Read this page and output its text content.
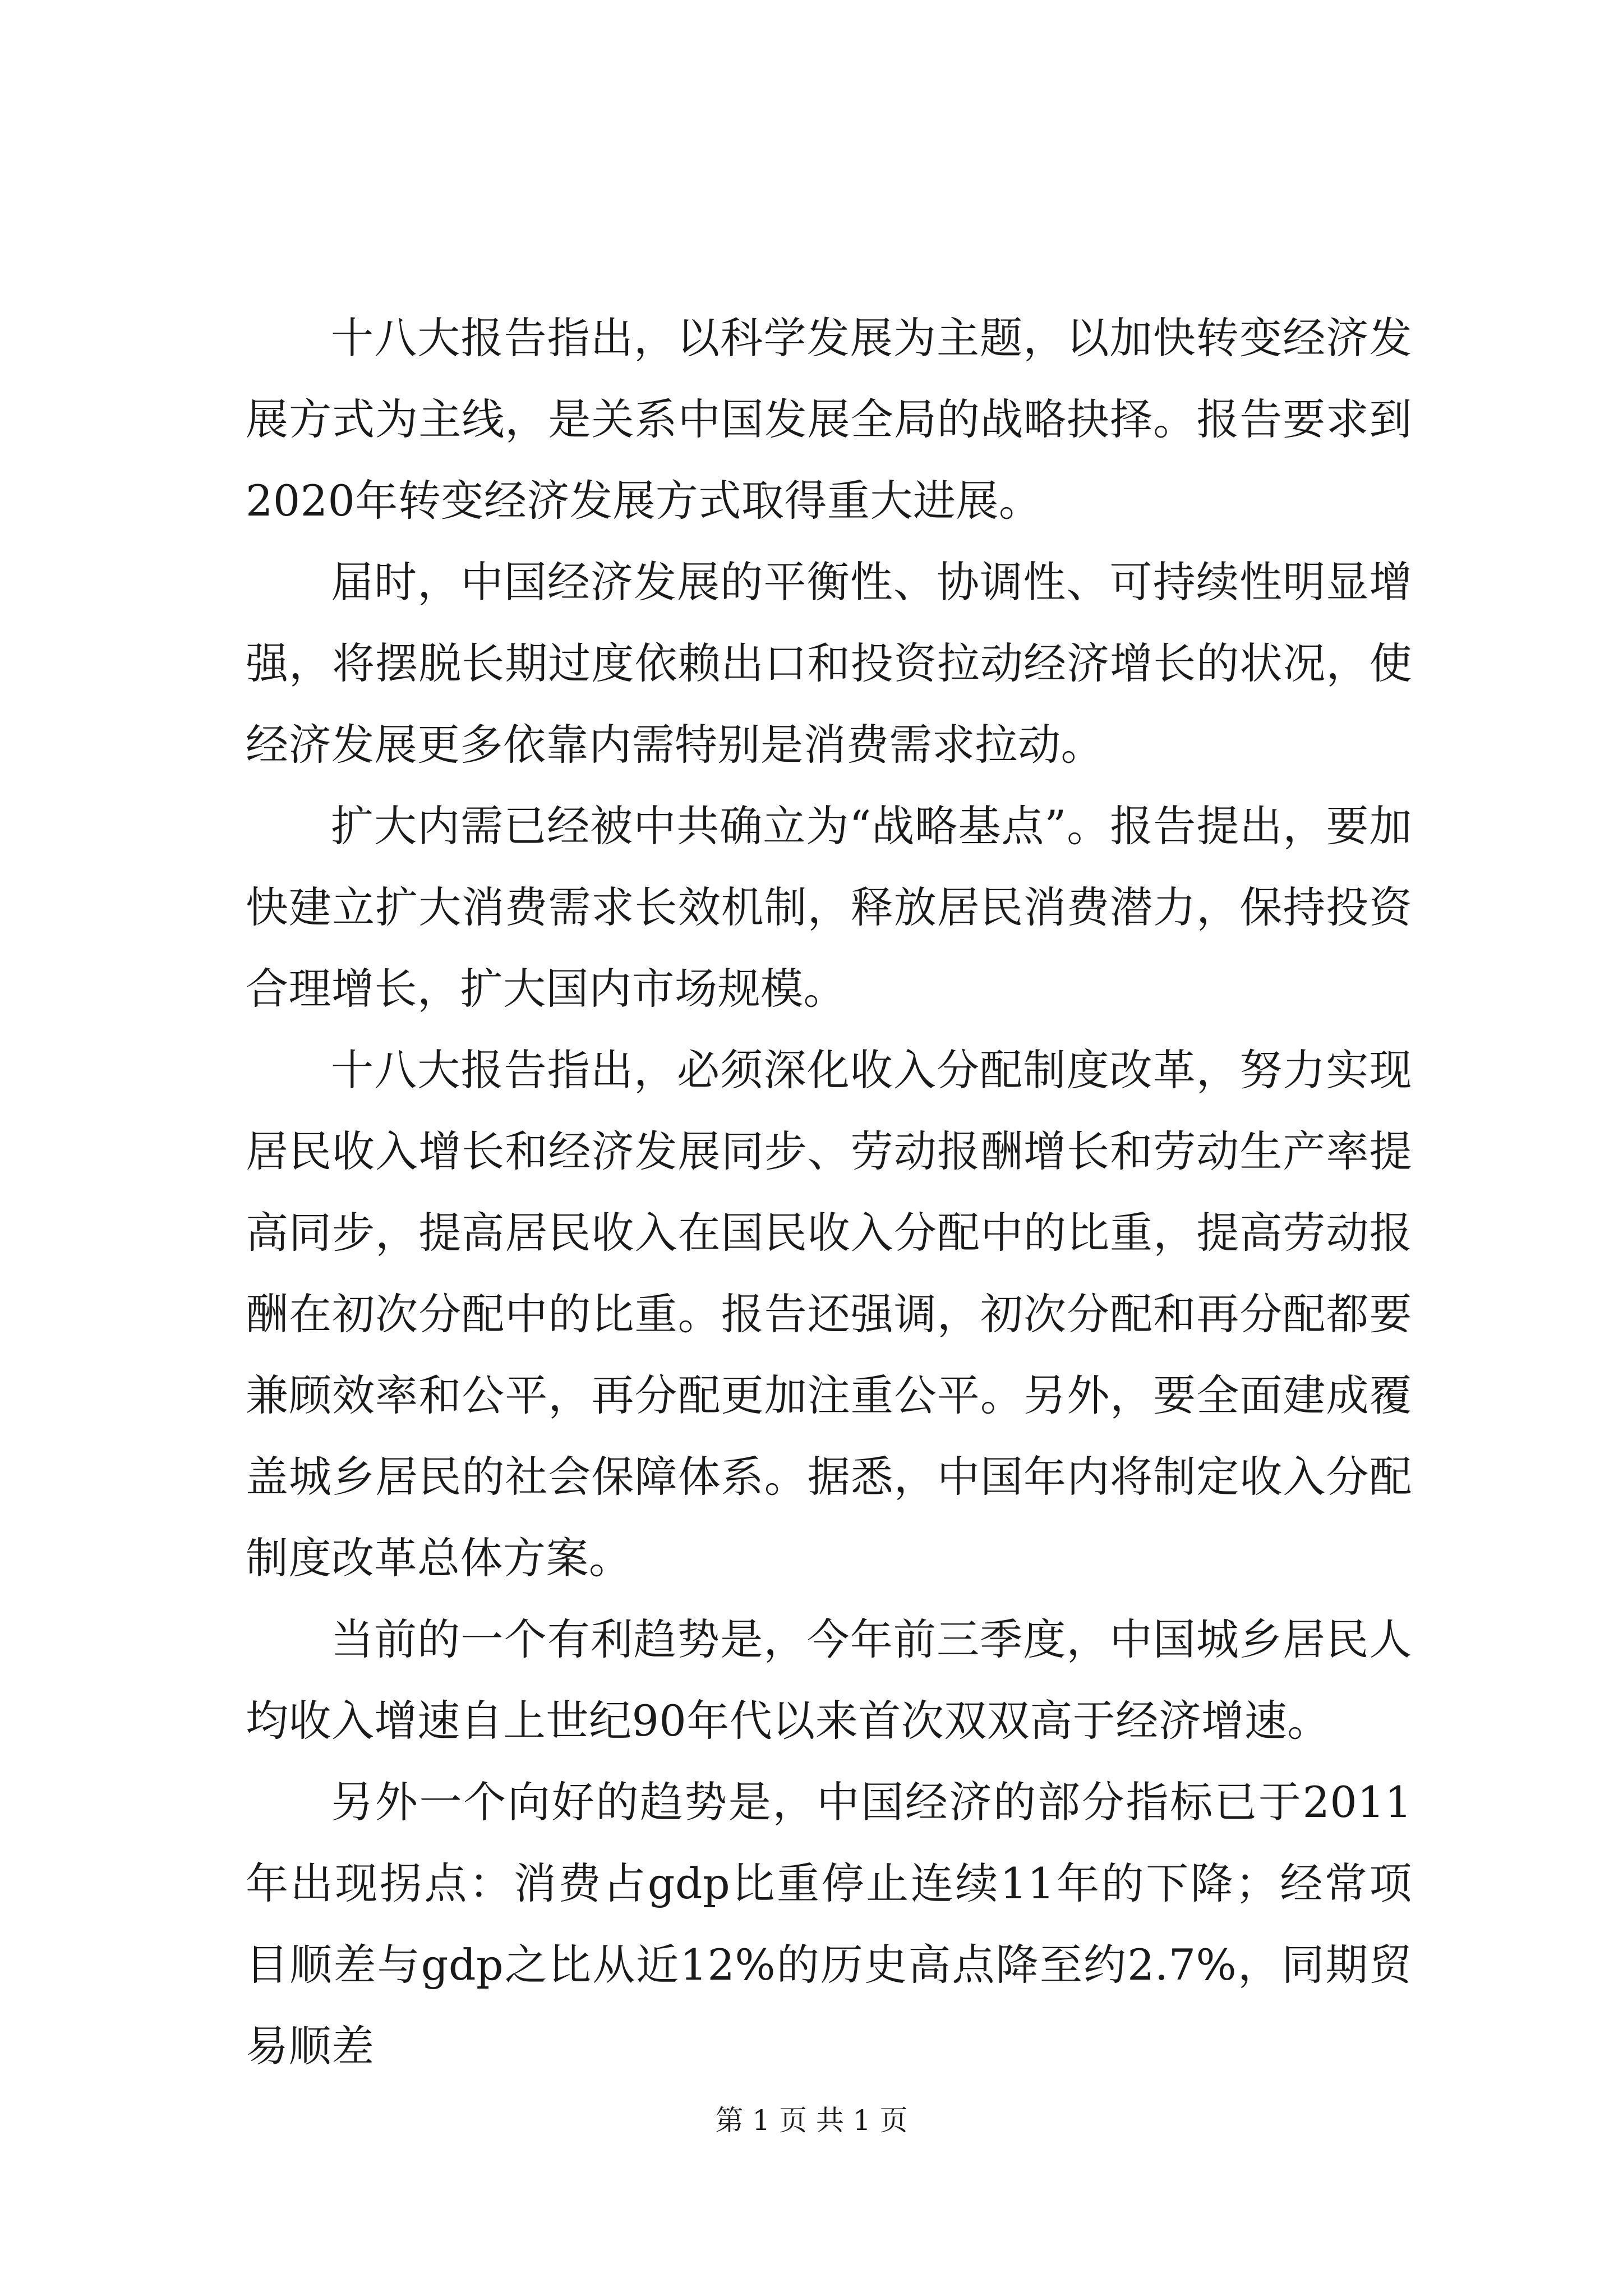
十八大报告指出，以科学发展为主题，以加快转变经济发展方式为主线，是关系中国发展全局的战略抉择。报告要求到2020年转变经济发展方式取得重大进展。

届时，中国经济发展的平衡性、协调性、可持续性明显增强，将摆脱长期过度依赖出口和投资拉动经济增长的状况，使经济发展更多依靠内需特别是消费需求拉动。

扩大内需已经被中共确立为“战略基点”。报告提出，要加快建立扩大消费需求长效机制，释放居民消费潜力，保持投资合理增长，扩大国内市场规模。

十八大报告指出，必须深化收入分配制度改革，努力实现居民收入增长和经济发展同步、劳动报酬增长和劳动生产率提高同步，提高居民收入在国民收入分配中的比重，提高劳动报酬在初次分配中的比重。报告还强调，初次分配和再分配都要兼顾效率和公平，再分配更加注重公平。另外，要全面建成覆盖城乡居民的社会保障体系。据悉，中国年内将制定收入分配制度改革总体方案。

当前的一个有利趋势是，今年前三季度，中国城乡居民人均收入增速自上世纪90年代以来首次双双高于经济增速。

另外一个向好的趋势是，中国经济的部分指标已于2011年出现拐点：消费占gdp比重停止连续11年的下降；经常项目顺差与gdp之比从近12%的历史高点降至约2.7%，同期贸易顺差

第 1 页 共 1 页
